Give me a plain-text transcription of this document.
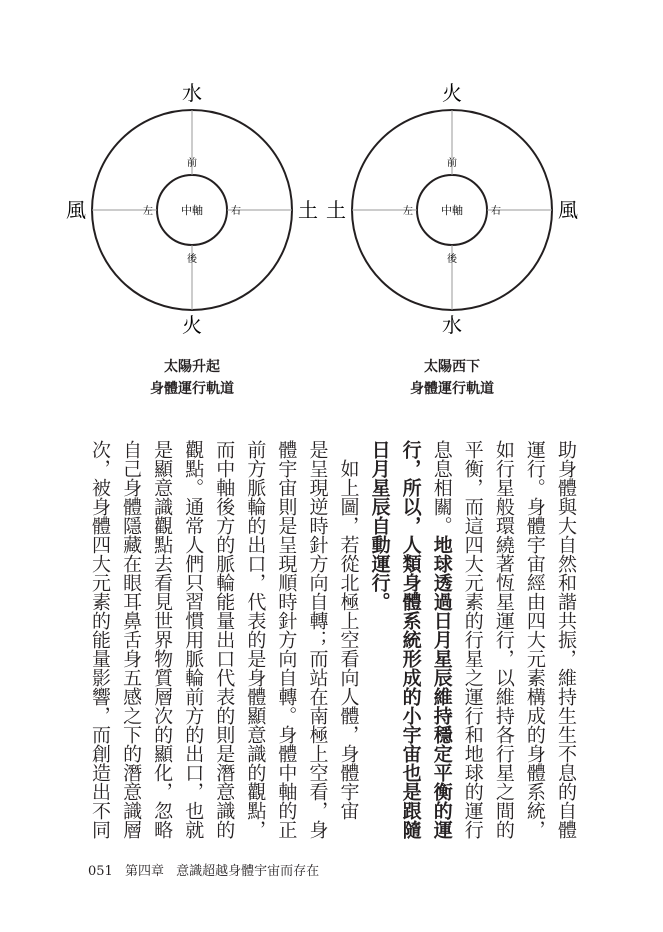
水
火
風	土
中軸
前
後
左	右
太陽升起
身體運行軌道
火
水
土	風
中軸
前
後
左	右
太陽西下
身體運行軌道
助身體與大自然和諧共振，維持生生不息的自體
運行。身體宇宙經由四大元素構成的身體系統，
如行星般環繞著恆星運行，以維持各行星之間的
平衡，而這四大元素的行星之運行和地球的運行
息息相關。地球透過日月星辰維持穩定平衡的運
行，所以，人類身體系統形成的小宇宙也是跟隨
日月星辰自動運行。
　如上圖，若從北極上空看向人體，身體宇宙
是呈現逆時針方向自轉；而站在南極上空看，身
體宇宙則是呈現順時針方向自轉。身體中軸的正
前方脈輪的出口，代表的是身體顯意識的觀點，
而中軸後方的脈輪能量出口代表的則是潛意識的
觀點。通常人們只習慣用脈輪前方的出口，也就
是顯意識觀點去看見世界物質層次的顯化，忽略
自己身體隱藏在眼耳鼻舌身五感之下的潛意識層
次，被身體四大元素的能量影響，而創造出不同
051 第四章 意識超越身體宇宙而存在
